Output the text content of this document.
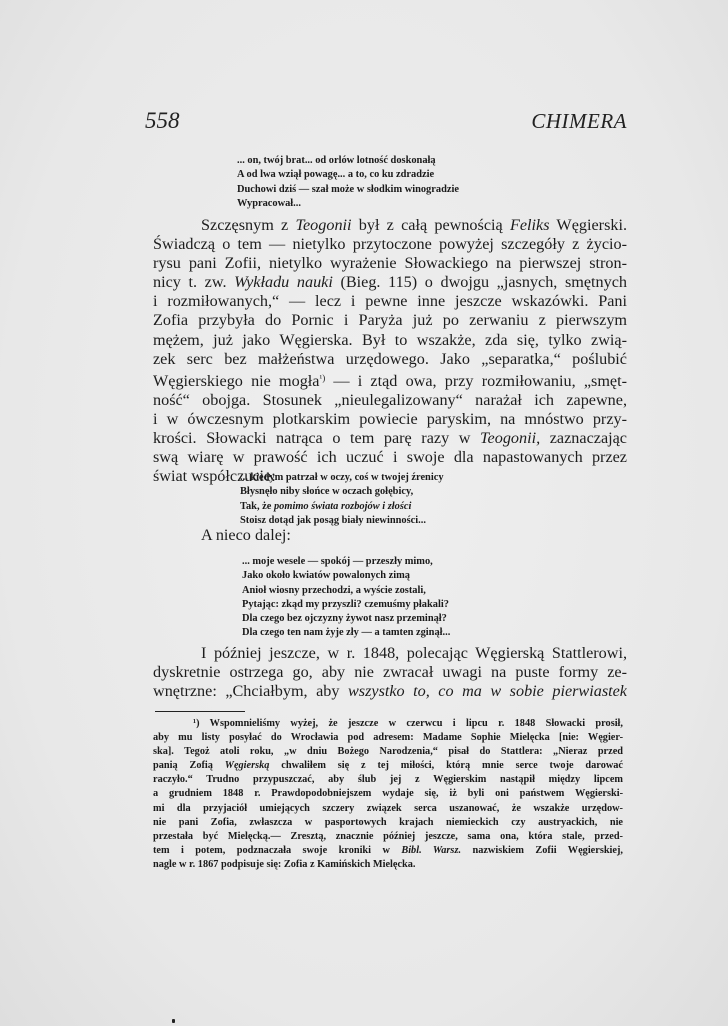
558	CHIMERA
... on, twój brat... od orlów lotność doskonałą
A od lwa wziął powagę... a to, co ku zdradzie
Duchowi dziś — szał może w słodkim winogradzie
Wypracował...
Szczęsnym z Teogonii był z całą pewnością Feliks Węgierski.
Świadczą o tem — nietylko przytoczone powyżej szczegóły z życio-
rysu pani Zofii, nietylko wyrażenie Słowackiego na pierwszej stron-
nicy t. zw. Wykładu nauki (Bieg. 115) o dwojgu „jasnych, smętnych
i rozmiłowanych,“ — lecz i pewne inne jeszcze wskazówki. Pani
Zofia przybyła do Pornic i Paryża już po zerwaniu z pierwszym
mężem, już jako Węgierska. Był to wszakże, zda się, tylko zwią-
zek serc bez małżeństwa urzędowego. Jako „separatka,“ poślubić
Węgierskiego nie mogła$^{^1)}$ — i ztąd owa, przy rozmiłowaniu, „smęt-
ność“ obojga. Stosunek „nieulegalizowany“ narażał ich zapewne,
i w ówczesnym plotkarskim powiecie paryskim, na mnóstwo przy-
krości. Słowacki natrąca o tem parę razy w Teogonii, zaznaczając
swą wiarę w prawość ich uczuć i swoje dla napastowanych przez
świat współczucie:
... kiedym patrzał w oczy, coś w twojej źrenicy
Błysnęło niby słońce w oczach gołębicy,
Tak, że pomimo świata rozbojów i złości
Stoisz dotąd jak posąg biały niewinności...
A nieco dalej:
... moje wesele — spokój — przeszły mimo,
Jako około kwiatów powalonych zimą
Anioł wiosny przechodzi, a wyście zostali,
Pytając: zkąd my przyszli? czemuśmy płakali?
Dla czego bez ojczyzny żywot nasz przeminął?
Dla czego ten nam żyje zły — a tamten zginął...
I później jeszcze, w r. 1848, polecając Węgierską Stattlerowi,
dyskretnie ostrzega go, aby nie zwracał uwagi na puste formy ze-
wnętrzne: „Chciałbym, aby wszystko to, co ma w sobie pierwiastek
¹) Wspomnieliśmy wyżej, że jeszcze w czerwcu i lipcu r. 1848 Słowacki prosił,
aby mu listy posyłać do Wrocławia pod adresem: Madame Sophie Mielęcka [nie: Węgier-
ska]. Tegoż atoli roku, „w dniu Bożego Narodzenia,“ pisał do Stattlera: „Nieraz przed
panią Zofią Węgierską chwaliłem się z tej miłości, którą mnie serce twoje darować
raczyło.“ Trudno przypuszczać, aby ślub jej z Węgierskim nastąpił między lipcem
a grudniem 1848 r. Prawdopodobniejszem wydaje się, iż byli oni państwem Węgierski-
mi dla przyjaciół umiejących szczery związek serca uszanować, że wszakże urzędow-
nie pani Zofia, zwłaszcza w pasportowych krajach niemieckich czy austryackich, nie
przestała być Mielęcką.— Zresztą, znacznie później jeszcze, sama ona, która stale, przed-
tem i potem, podznaczała swoje kroniki w Bibl. Warsz. nazwiskiem Zofii Węgierskiej,
nagle w r. 1867 podpisuje się: Zofia z Kamińskich Mielęcka.
